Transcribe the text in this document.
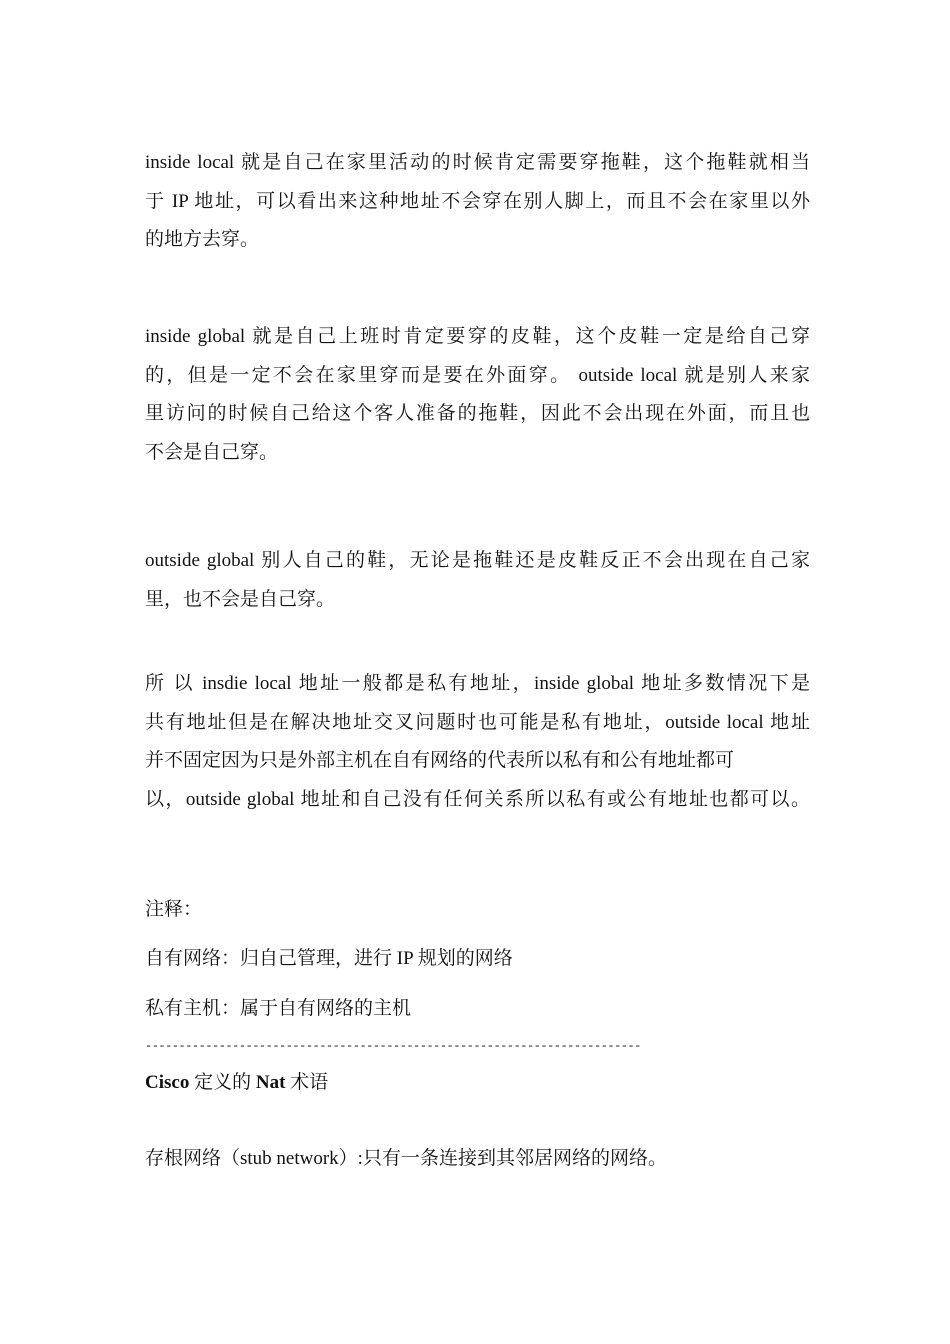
inside local 就是自己在家里活动的时候肯定需要穿拖鞋，这个拖鞋就相当
于 IP 地址，可以看出来这种地址不会穿在别人脚上，而且不会在家里以外
的地方去穿。

inside global 就是自己上班时肯定要穿的皮鞋，这个皮鞋一定是给自己穿
的，但是一定不会在家里穿而是要在外面穿。 outside local 就是别人来家
里访问的时候自己给这个客人准备的拖鞋，因此不会出现在外面，而且也
不会是自己穿。

outside global 别人自己的鞋，无论是拖鞋还是皮鞋反正不会出现在自己家
里，也不会是自己穿。

所 以 insdie local 地址一般都是私有地址，inside global 地址多数情况下是
共有地址但是在解决地址交叉问题时也可能是私有地址，outside local 地址
并不固定因为只是外部主机在自有网络的代表所以私有和公有地址都可
以，outside global 地址和自己没有任何关系所以私有或公有地址也都可以。

注释：

自有网络：归自己管理，进行 IP 规划的网络

私有主机：属于自有网络的主机

--------------------------------------------------------------------------

Cisco 定义的 Nat 术语

存根网络（stub network）:只有一条连接到其邻居网络的网络。
